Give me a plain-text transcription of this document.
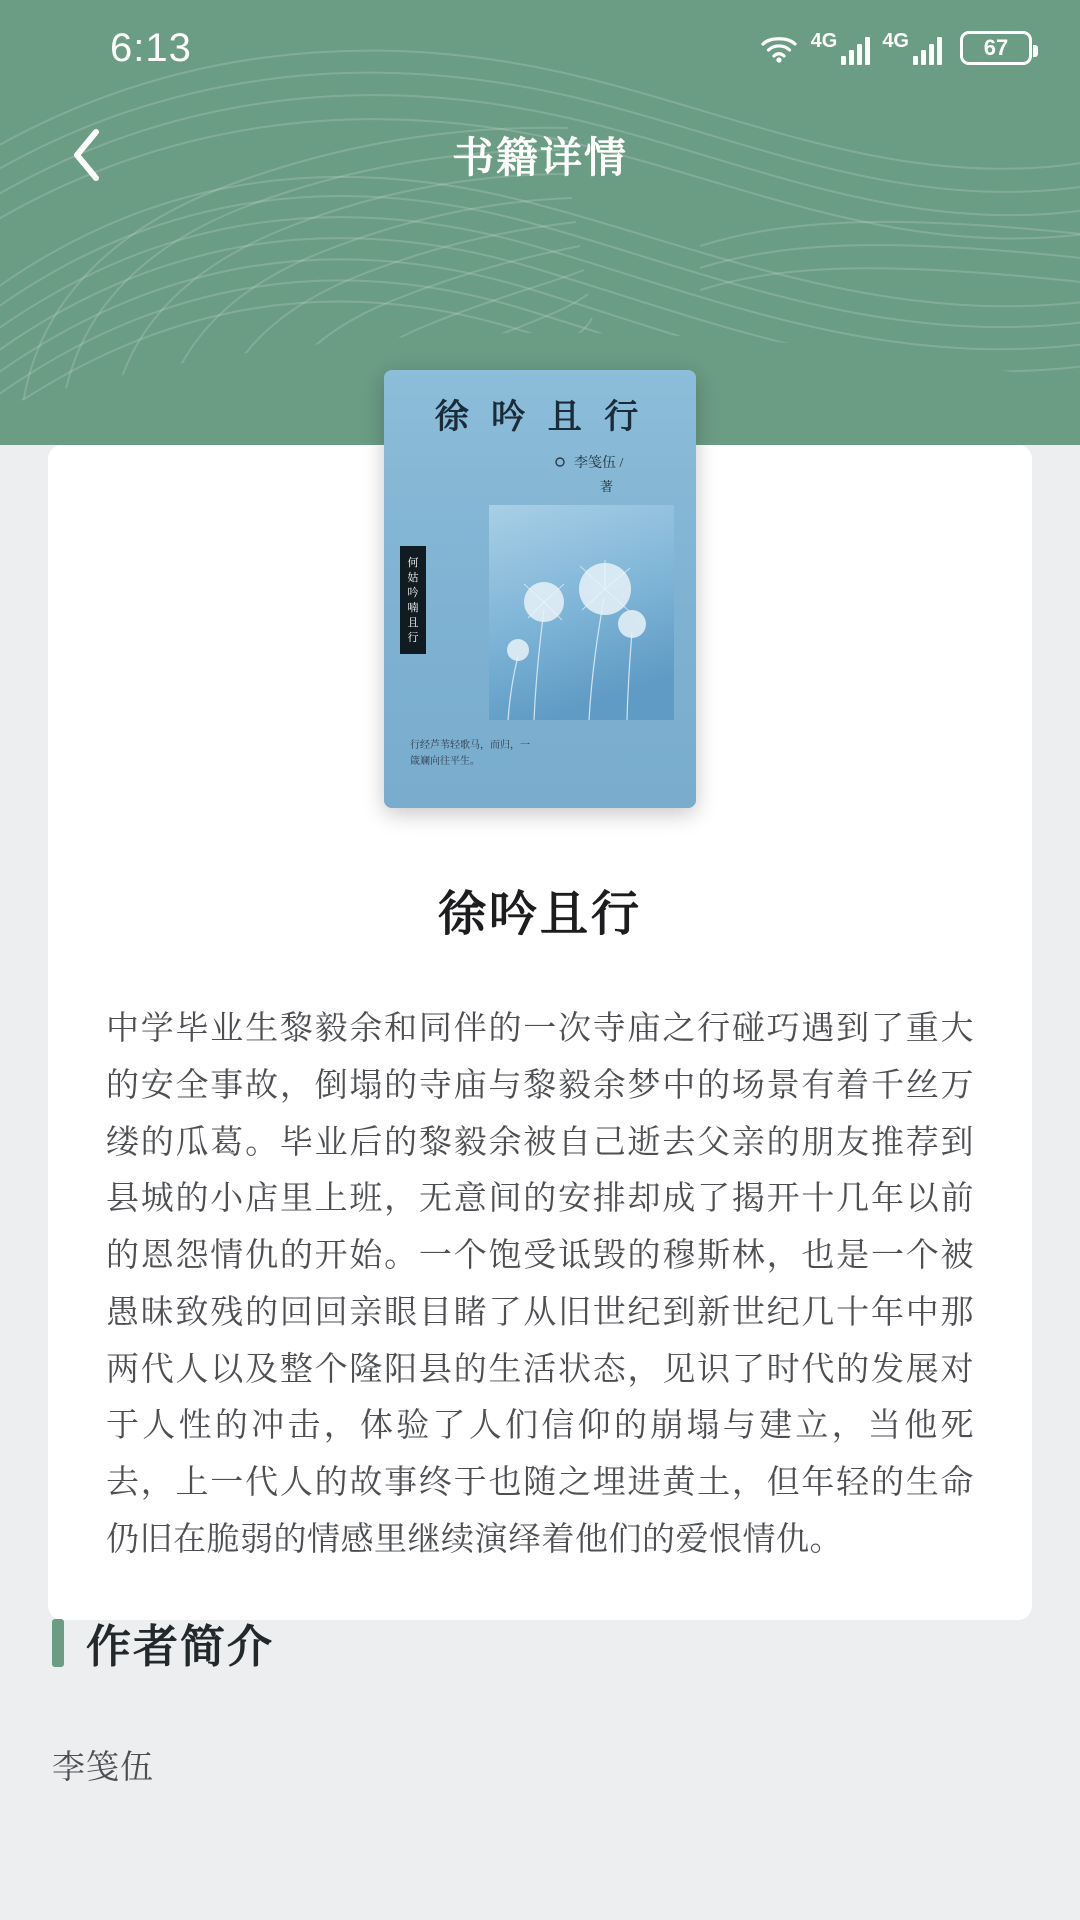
6:13	4G 4G	67
书籍详情
徐 吟 且 行
李笺伍 /
著
何
姑
吟
喃
且
行
行经芦苇轻歌马，而归，一
箴斓向往平生。
徐吟且行
中学毕业生黎毅余和同伴的一次寺庙之行碰巧遇到了重大的安全事故，倒塌的寺庙与黎毅余梦中的场景有着千丝万缕的瓜葛。毕业后的黎毅余被自己逝去父亲的朋友推荐到县城的小店里上班，无意间的安排却成了揭开十几年以前的恩怨情仇的开始。一个饱受诋毁的穆斯林，也是一个被愚昧致残的回回亲眼目睹了从旧世纪到新世纪几十年中那两代人以及整个隆阳县的生活状态，见识了时代的发展对于人性的冲击，体验了人们信仰的崩塌与建立，当他死去，上一代人的故事终于也随之埋进黄土，但年轻的生命仍旧在脆弱的情感里继续演绎着他们的爱恨情仇。
作者简介
李笺伍
